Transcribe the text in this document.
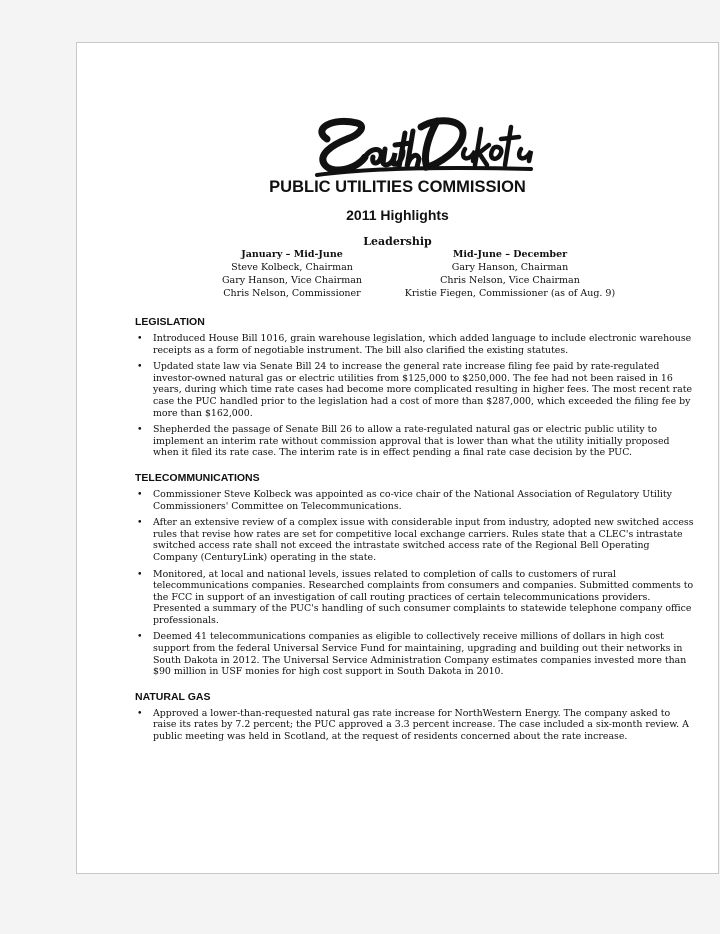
PUBLIC UTILITIES COMMISSION
2011 Highlights
Leadership
January – Mid-June
Steve Kolbeck, Chairman
Gary Hanson, Vice Chairman
Chris Nelson, Commissioner
Mid-June – December
Gary Hanson, Chairman
Chris Nelson, Vice Chairman
Kristie Fiegen, Commissioner (as of Aug. 9)
LEGISLATION
• Introduced House Bill 1016, grain warehouse legislation, which added language to include electronic warehouse receipts as a form of negotiable instrument. The bill also clarified the existing statutes.
• Updated state law via Senate Bill 24 to increase the general rate increase filing fee paid by rate-regulated investor-owned natural gas or electric utilities from $125,000 to $250,000. The fee had not been raised in 16 years, during which time rate cases had become more complicated resulting in higher fees. The most recent rate case the PUC handled prior to the legislation had a cost of more than $287,000, which exceeded the filing fee by more than $162,000.
• Shepherded the passage of Senate Bill 26 to allow a rate-regulated natural gas or electric public utility to implement an interim rate without commission approval that is lower than what the utility initially proposed when it filed its rate case. The interim rate is in effect pending a final rate case decision by the PUC.
TELECOMMUNICATIONS
• Commissioner Steve Kolbeck was appointed as co-vice chair of the National Association of Regulatory Utility Commissioners' Committee on Telecommunications.
• After an extensive review of a complex issue with considerable input from industry, adopted new switched access rules that revise how rates are set for competitive local exchange carriers. Rules state that a CLEC's intrastate switched access rate shall not exceed the intrastate switched access rate of the Regional Bell Operating Company (CenturyLink) operating in the state.
• Monitored, at local and national levels, issues related to completion of calls to customers of rural telecommunications companies. Researched complaints from consumers and companies. Submitted comments to the FCC in support of an investigation of call routing practices of certain telecommunications providers. Presented a summary of the PUC's handling of such consumer complaints to statewide telephone company office professionals.
• Deemed 41 telecommunications companies as eligible to collectively receive millions of dollars in high cost support from the federal Universal Service Fund for maintaining, upgrading and building out their networks in South Dakota in 2012. The Universal Service Administration Company estimates companies invested more than $90 million in USF monies for high cost support in South Dakota in 2010.
NATURAL GAS
• Approved a lower-than-requested natural gas rate increase for NorthWestern Energy. The company asked to raise its rates by 7.2 percent; the PUC approved a 3.3 percent increase. The case included a six-month review. A public meeting was held in Scotland, at the request of residents concerned about the rate increase.
